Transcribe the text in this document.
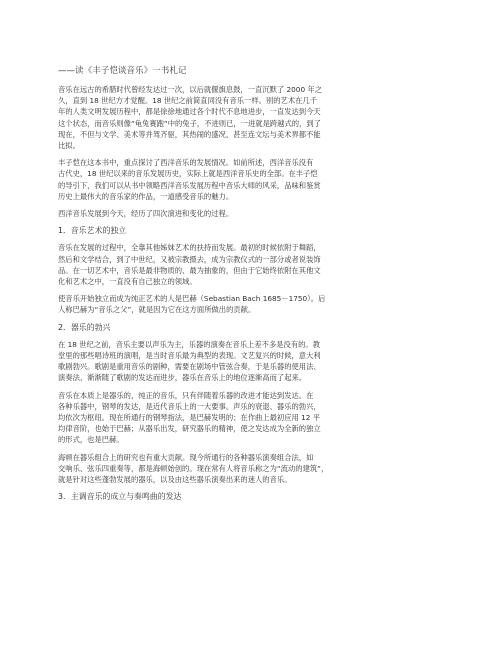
——读《丰子恺谈音乐》一书札记
音乐在远古的希腊时代曾经发达过一次，以后就偃旗息鼓，一直沉默了 2000 年之
久，直到 18 世纪方才觉醒。18 世纪之前简直同没有音乐一样。别的艺术在几千
年的人类文明发展历程中，都是徐徐地通过各个时代不息地进步，一直发达到今天
这个状态，而音乐则像“龟兔赛跑”中的兔子，不进则已，一进就是跨越式的，到了
现在，不但与文学、美术等并驾齐驱，其热闹的盛况，甚至连文坛与美术界都不能
比拟。
丰子恺在这本书中，重点探讨了西洋音乐的发展情况。如前所述，西洋音乐没有
古代史，18 世纪以来的音乐发展历史，实际上就是西洋音乐史的全部。在丰子恺
的导引下，我们可以从书中领略西洋音乐发展历程中音乐大师的风采，品味和鉴赏
历史上最伟大的音乐家的作品，一道感受音乐的魅力。
西洋音乐发展到今天，经历了四次演进和变化的过程。
1．音乐艺术的独立
音乐在发展的过程中，全靠其他姊妹艺术的扶持而发展。最初的时候依附于舞蹈，
然后和文学结合，到了中世纪，又被宗教摄去，成为宗教仪式的一部分或者说装饰
品。在一切艺术中，音乐是最非物质的、最为抽象的，但由于它始终依附在其他文
化和艺术之中，一直没有自己独立的领域。
使音乐开始独立而成为纯正艺术的人是巴赫（Sebastian Bach 1685－1750）。后
人称巴赫为“音乐之父”，就是因为它在这方面所做出的贡献。
2．器乐的勃兴
在 18 世纪之前，音乐主要以声乐为主，乐器的演奏在音乐上差不多是没有的。教
堂里的那些唱诗班的演唱，是当时音乐最为典型的表现。文艺复兴的时候，意大利
歌剧勃兴。歌剧是重用音乐的剧种，需要在剧场中管弦合奏，于是乐器的使用法、
演奏法、渐渐随了歌剧的发达而进步，器乐在音乐上的地位逐渐高而了起来。
音乐在本质上是器乐的，纯正的音乐，只有伴随着乐器的改进才能达到发达。在
各种乐器中，钢琴的发达，是近代音乐上的一大要事。声乐的衰退、器乐的勃兴，
均依次为枢纽。现在所通行的钢琴指法，是巴赫发明的；在作曲上最初应用 12 平
均律音阶，也始于巴赫；从器乐出发，研究器乐的精神，使之发达成为全新的独立
的形式，也是巴赫。
海顿在器乐组合上的研究也有重大贡献。现今所通行的各种器乐演奏组合法，如
交响乐、弦乐四重奏等，都是海顿始创的。现在常有人将音乐称之为“流动的建筑”，
就是针对这些蓬勃发展的器乐，以及由这些器乐演奏出来的迷人的音乐。
3．主调音乐的成立与奏鸣曲的发达
